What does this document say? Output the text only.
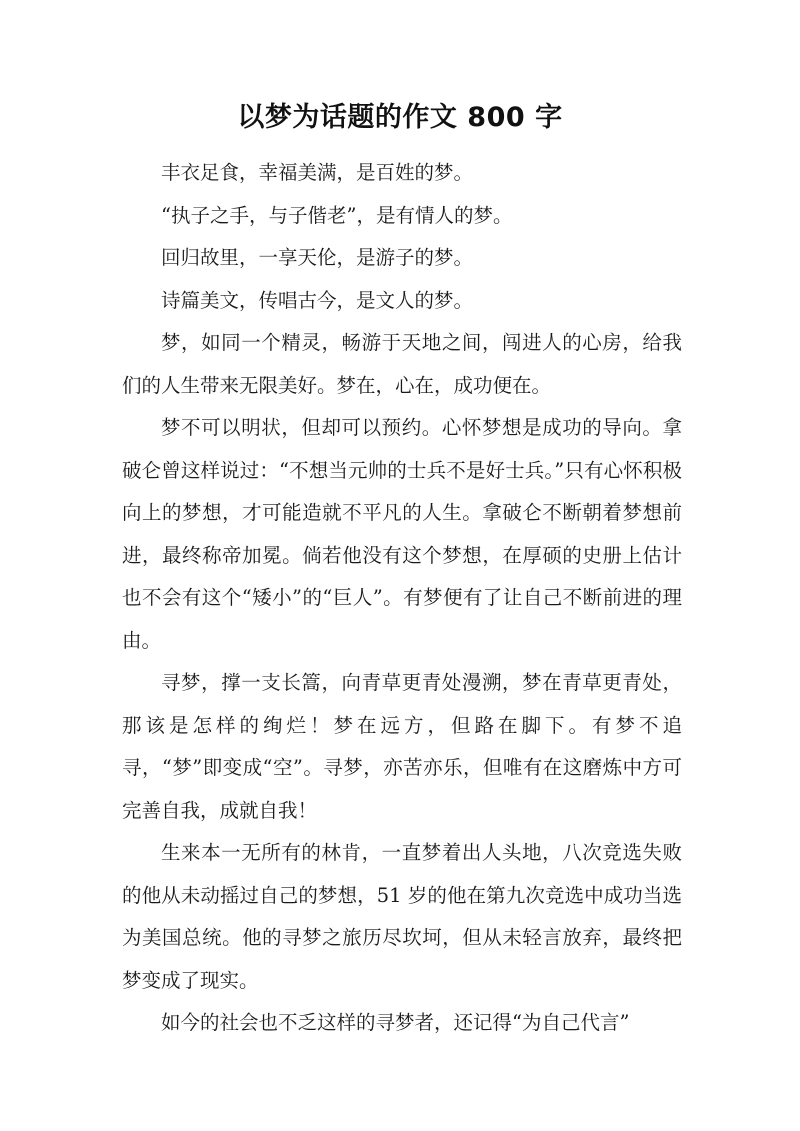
以梦为话题的作文 800 字

丰衣足食，幸福美满，是百姓的梦。

“执子之手，与子偕老”，是有情人的梦。

回归故里，一享天伦，是游子的梦。

诗篇美文，传唱古今，是文人的梦。

梦，如同一个精灵，畅游于天地之间，闯进人的心房，给我们的人生带来无限美好。梦在，心在，成功便在。

梦不可以明状，但却可以预约。心怀梦想是成功的导向。拿破仑曾这样说过：“不想当元帅的士兵不是好士兵。”只有心怀积极向上的梦想，才可能造就不平凡的人生。拿破仑不断朝着梦想前进，最终称帝加冕。倘若他没有这个梦想，在厚硕的史册上估计也不会有这个“矮小”的“巨人”。有梦便有了让自己不断前进的理由。

寻梦，撑一支长篙，向青草更青处漫溯，梦在青草更青处，那该是怎样的绚烂！梦在远方，但路在脚下。有梦不追寻，“梦”即变成“空”。寻梦，亦苦亦乐，但唯有在这磨炼中方可完善自我，成就自我！

生来本一无所有的林肯，一直梦着出人头地，八次竞选失败的他从未动摇过自己的梦想，51 岁的他在第九次竞选中成功当选为美国总统。他的寻梦之旅历尽坎坷，但从未轻言放弃，最终把梦变成了现实。

如今的社会也不乏这样的寻梦者，还记得“为自己代言”
